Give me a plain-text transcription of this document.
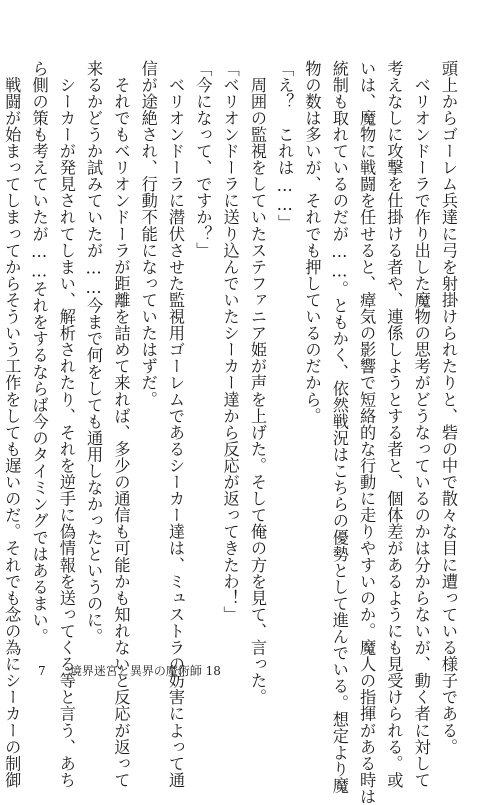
頭上からゴーレム兵達に弓を射掛けられたりと、砦の中で散々な目に遭っている様子である。
　ベリオンドーラで作り出した魔物の思考がどうなっているのかは分からないが、動く者に対して
考えなしに攻撃を仕掛ける者や、連係しようとする者と、個体差があるようにも見受けられる。或
いは、魔物に戦闘を任せると、瘴気の影響で短絡的な行動に走りやすいのか。魔人の指揮がある時は
統制も取れているのだが……。ともかく、依然戦況はこちらの優勢として進んでいる。想定より魔
物の数は多いが、それでも押しているのだから。
「え？　これは……」
　周囲の監視をしていたステファニア姫が声を上げた。そして俺の方を見て、言った。
「ベリオンドーラに送り込んでいたシーカー達から反応が返ってきたわ！」
「今になって、ですか？」
　ベリオンドーラに潜伏させた監視用ゴーレムであるシーカー達は、ミュストラの妨害によって通
信が途絶され、行動不能になっていたはずだ。
　それでもベリオンドーラが距離を詰めて来れば、多少の通信も可能かも知れないと反応が返って
来るかどうか試みていたが……今まで何をしても通用しなかったというのに。
　シーカーが発見されてしまい、解析されたり、それを逆手に偽情報を送ってくる等と言う、あち
ら側の策も考えていたが……それをするならば今のタイミングではあるまい。
　戦闘が始まってしまってからそういう工作をしても遅いのだ。それでも念の為にシーカーの制御	7 境界迷宮と異界の魔術師 18
